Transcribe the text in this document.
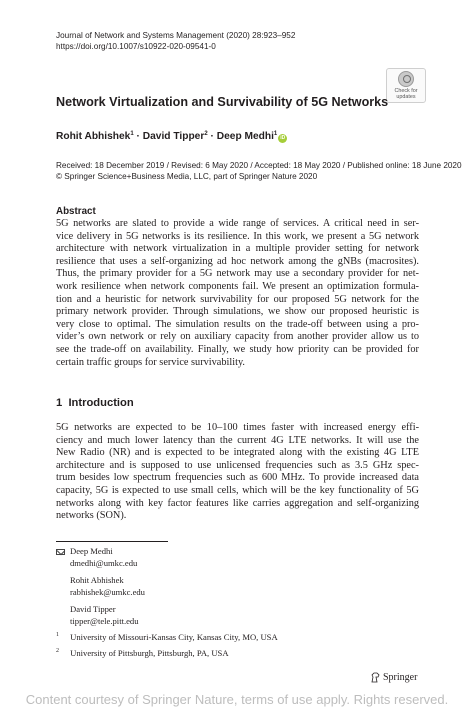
Journal of Network and Systems Management (2020) 28:923–952
https://doi.org/10.1007/s10922-020-09541-0
Check for
updates
Network Virtualization and Survivability of 5G Networks
Rohit Abhishek$^1$ · David Tipper$^2$ · Deep Medhi$^1$iD
Received: 18 December 2019 / Revised: 6 May 2020 / Accepted: 18 May 2020 / Published online: 18 June 2020
© Springer Science+Business Media, LLC, part of Springer Nature 2020
Abstract
5G networks are slated to provide a wide range of services. A critical need in ser-
vice delivery in 5G networks is its resilience. In this work, we present a 5G network
architecture with network virtualization in a multiple provider setting for network
resilience that uses a self-organizing ad hoc network among the gNBs (macrosites).
Thus, the primary provider for a 5G network may use a secondary provider for net-
work resilience when network components fail. We present an optimization formula-
tion and a heuristic for network survivability for our proposed 5G network for the
primary network provider. Through simulations, we show our proposed heuristic is
very close to optimal. The simulation results on the trade-off between using a pro-
vider’s own network or rely on auxiliary capacity from another provider allow us to
see the trade-off on availability. Finally, we study how priority can be provided for
certain traffic groups for service survivability.
1 Introduction
5G networks are expected to be 10–100 times faster with increased energy effi-
ciency and much lower latency than the current 4G LTE networks. It will use the
New Radio (NR) and is expected to be integrated along with the existing 4G LTE
architecture and is supposed to use unlicensed frequencies such as 3.5 GHz spec-
trum besides low spectrum frequencies such as 600 MHz. To provide increased data
capacity, 5G is expected to use small cells, which will be the key functionality of 5G
networks along with key factor features like carries aggregation and self-organizing
networks (SON).
Deep Medhi
dmedhi@umkc.edu
Rohit Abhishek
rabhishek@umkc.edu
David Tipper
tipper@tele.pitt.edu
$^1$ University of Missouri-Kansas City, Kansas City, MO, USA
$^2$ University of Pittsburgh, Pittsburgh, PA, USA
Springer
Content courtesy of Springer Nature, terms of use apply. Rights reserved.
